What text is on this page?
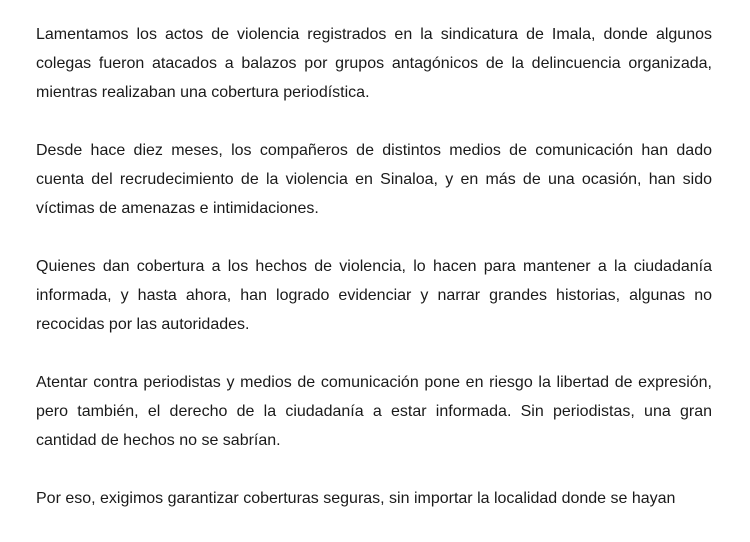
Lamentamos los actos de violencia registrados en la sindicatura de Imala, donde algunos colegas fueron atacados a balazos por grupos antagónicos de la delincuencia organizada, mientras realizaban una cobertura periodística.

Desde hace diez meses, los compañeros de distintos medios de comunicación han dado cuenta del recrudecimiento de la violencia en Sinaloa, y en más de una ocasión, han sido víctimas de amenazas e intimidaciones.

Quienes dan cobertura a los hechos de violencia, lo hacen para mantener a la ciudadanía informada, y hasta ahora, han logrado evidenciar y narrar grandes historias, algunas no recocidas por las autoridades.

Atentar contra periodistas y medios de comunicación pone en riesgo la libertad de expresión, pero también, el derecho de la ciudadanía a estar informada. Sin periodistas, una gran cantidad de hechos no se sabrían.

Por eso, exigimos garantizar coberturas seguras, sin importar la localidad donde se hayan
